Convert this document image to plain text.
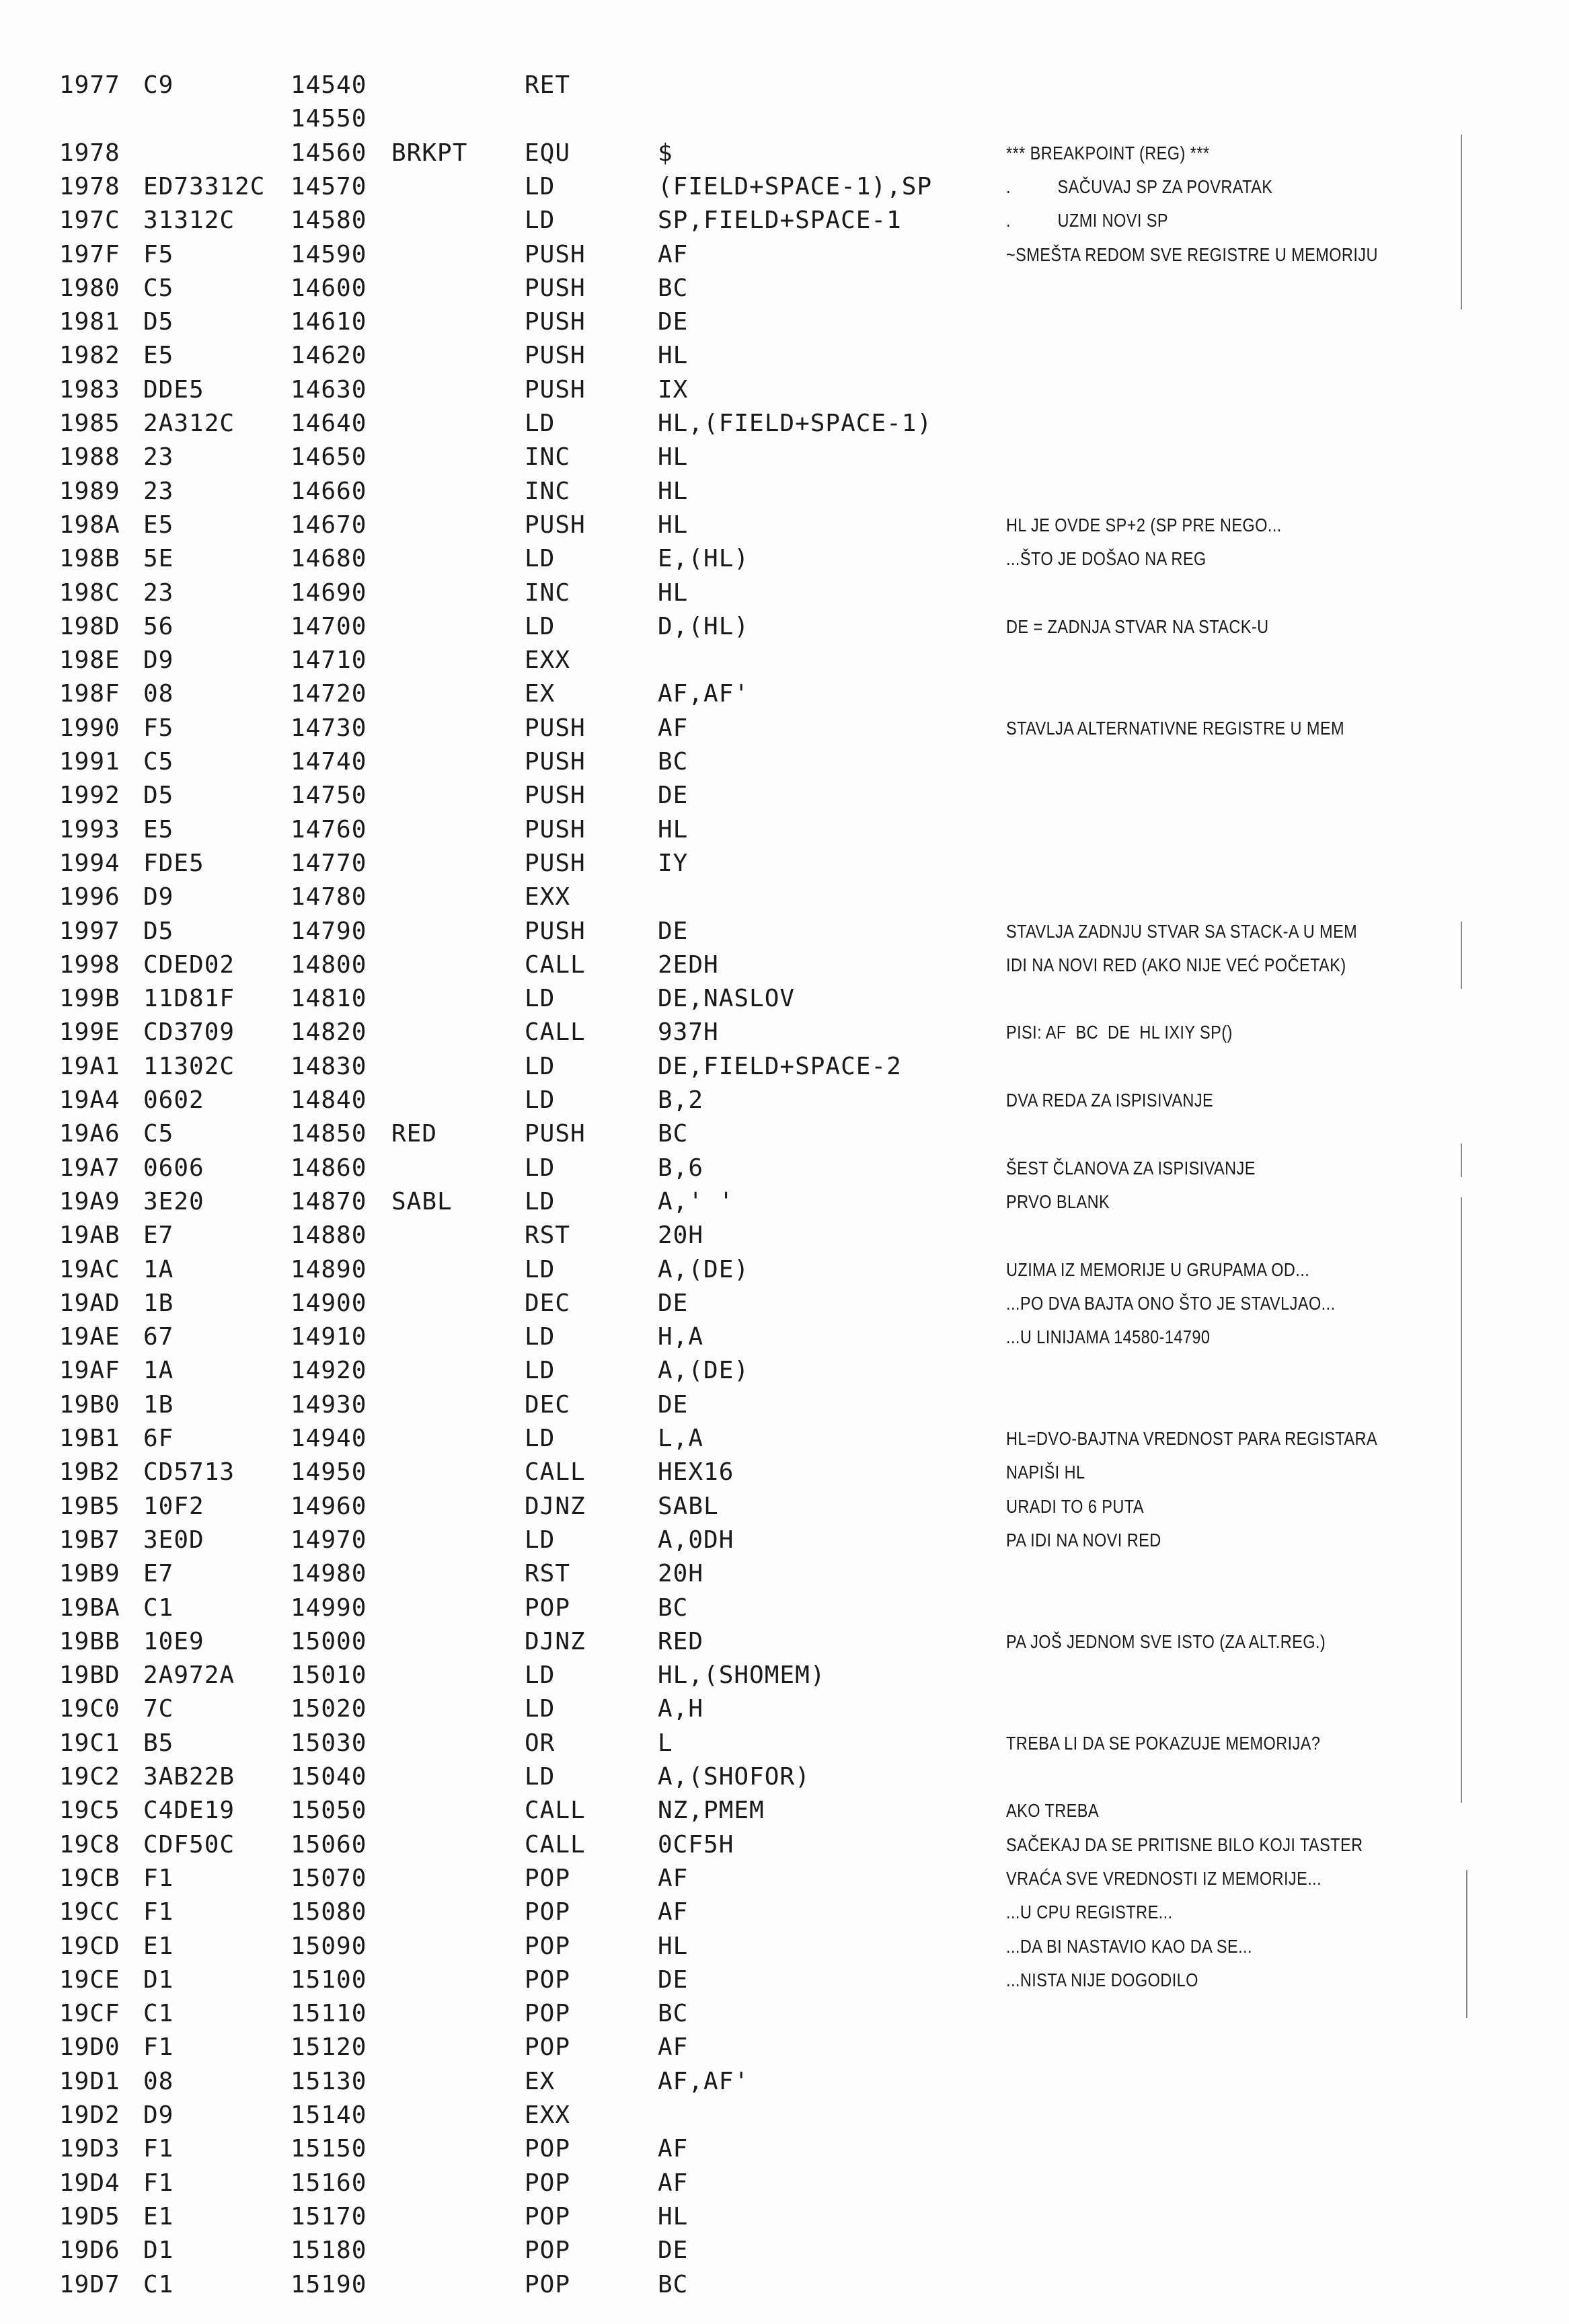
1977 C9	14540	RET
14550
1978	14560 BRKPT EQU	$	*** BREAKPOINT (REG) ***
1978 ED73312C 14570	LD	(FIELD+SPACE-1),SP	.          SAČUVAJ SP ZA POVRATAK
197C 31312C 14580	LD	SP,FIELD+SPACE-1	.          UZMI NOVI SP
197F F5	14590	PUSH	AF	~SMEŠTA REDOM SVE REGISTRE U MEMORIJU
1980 C5	14600	PUSH	BC
1981 D5	14610	PUSH	DE
1982 E5	14620	PUSH	HL
1983 DDE5	14630	PUSH	IX
1985 2A312C 14640	LD	HL,(FIELD+SPACE-1)
1988 23	14650	INC	HL
1989 23	14660	INC	HL
198A E5	14670	PUSH	HL	HL JE OVDE SP+2 (SP PRE NEGO...
198B 5E	14680	LD	E,(HL)	...ŠTO JE DOŠAO NA REG
198C 23	14690	INC	HL
198D 56	14700	LD	D,(HL)	DE = ZADNJA STVAR NA STACK-U
198E D9	14710	EXX
198F 08	14720	EX	AF,AF'
1990 F5	14730	PUSH	AF	STAVLJA ALTERNATIVNE REGISTRE U MEM
1991 C5	14740	PUSH	BC
1992 D5	14750	PUSH	DE
1993 E5	14760	PUSH	HL
1994 FDE5	14770	PUSH	IY
1996 D9	14780	EXX
1997 D5	14790	PUSH	DE	STAVLJA ZADNJU STVAR SA STACK-A U MEM
1998 CDED02 14800	CALL	2EDH	IDI NA NOVI RED (AKO NIJE VEĆ POČETAK)
199B 11D81F 14810	LD	DE,NASLOV
199E CD3709 14820	CALL	937H	PISI: AF  BC  DE  HL IXIY SP()
19A1 11302C 14830	LD	DE,FIELD+SPACE-2
19A4 0602	14840	LD	B,2	DVA REDA ZA ISPISIVANJE
19A6 C5	14850 RED	PUSH	BC
19A7 0606	14860	LD	B,6	ŠEST ČLANOVA ZA ISPISIVANJE
19A9 3E20	14870 SABL	LD	A,' '	PRVO BLANK
19AB E7	14880	RST	20H
19AC 1A	14890	LD	A,(DE)	UZIMA IZ MEMORIJE U GRUPAMA OD...
19AD 1B	14900	DEC	DE	...PO DVA BAJTA ONO ŠTO JE STAVLJAO...
19AE 67	14910	LD	H,A	...U LINIJAMA 14580-14790
19AF 1A	14920	LD	A,(DE)
19B0 1B	14930	DEC	DE
19B1 6F	14940	LD	L,A	HL=DVO-BAJTNA VREDNOST PARA REGISTARA
19B2 CD5713 14950	CALL	HEX16	NAPIŠI HL
19B5 10F2	14960	DJNZ	SABL	URADI TO 6 PUTA
19B7 3E0D	14970	LD	A,0DH	PA IDI NA NOVI RED
19B9 E7	14980	RST	20H
19BA C1	14990	POP	BC
19BB 10E9	15000	DJNZ	RED	PA JOŠ JEDNOM SVE ISTO (ZA ALT.REG.)
19BD 2A972A 15010	LD	HL,(SHOMEM)
19C0 7C	15020	LD	A,H
19C1 B5	15030	OR	L	TREBA LI DA SE POKAZUJE MEMORIJA?
19C2 3AB22B 15040	LD	A,(SHOFOR)
19C5 C4DE19 15050	CALL	NZ,PMEM	AKO TREBA
19C8 CDF50C 15060	CALL	0CF5H	SAČEKAJ DA SE PRITISNE BILO KOJI TASTER
19CB F1	15070	POP	AF	VRAĆA SVE VREDNOSTI IZ MEMORIJE...
19CC F1	15080	POP	AF	...U CPU REGISTRE...
19CD E1	15090	POP	HL	...DA BI NASTAVIO KAO DA SE...
19CE D1	15100	POP	DE	...NISTA NIJE DOGODILO
19CF C1	15110	POP	BC
19D0 F1	15120	POP	AF
19D1 08	15130	EX	AF,AF'
19D2 D9	15140	EXX
19D3 F1	15150	POP	AF
19D4 F1	15160	POP	AF
19D5 E1	15170	POP	HL
19D6 D1	15180	POP	DE
19D7 C1	15190	POP	BC
